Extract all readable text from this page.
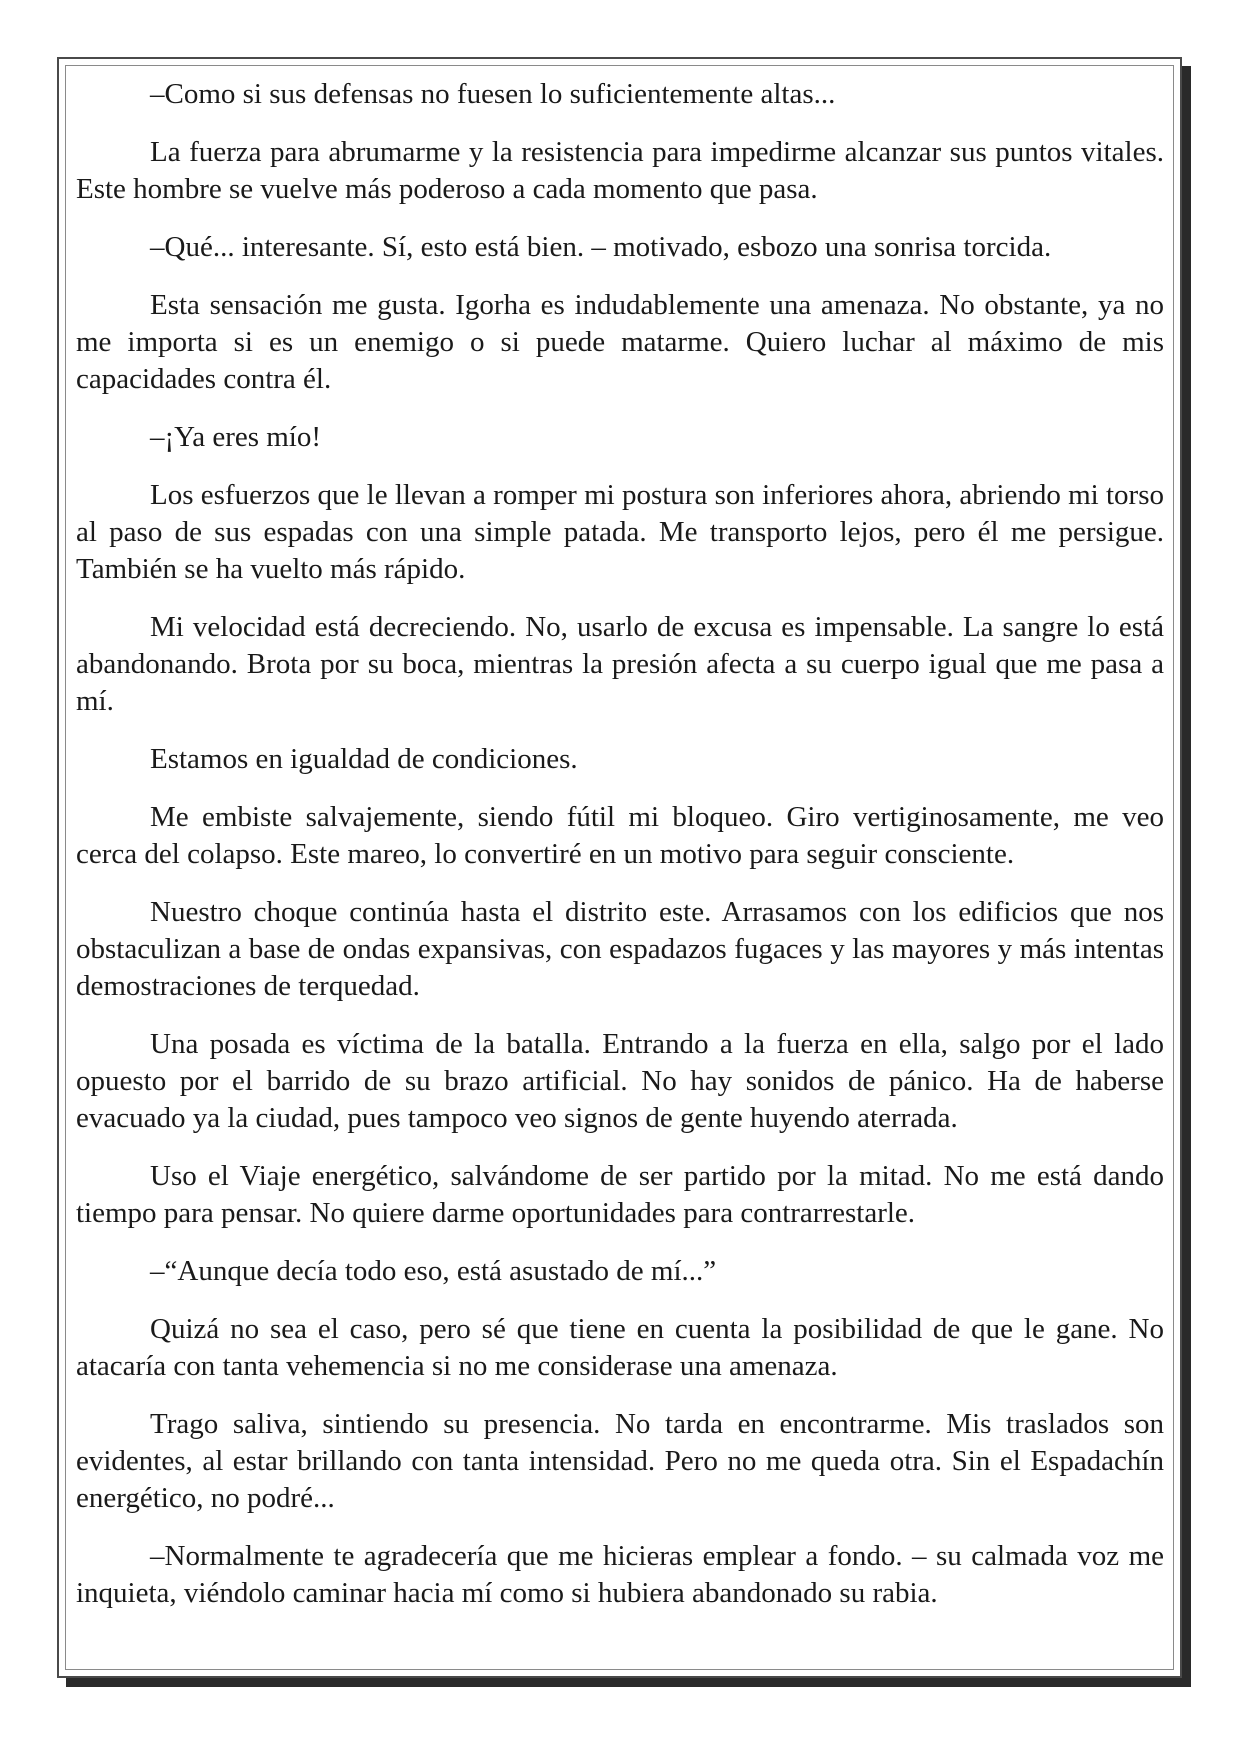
–Como si sus defensas no fuesen lo suficientemente altas...

La fuerza para abrumarme y la resistencia para impedirme alcanzar sus puntos vitales. Este hombre se vuelve más poderoso a cada momento que pasa.

–Qué... interesante. Sí, esto está bien. – motivado, esbozo una sonrisa torcida.

Esta sensación me gusta. Igorha es indudablemente una amenaza. No obstante, ya no me importa si es un enemigo o si puede matarme. Quiero luchar al máximo de mis capacidades contra él.

–¡Ya eres mío!

Los esfuerzos que le llevan a romper mi postura son inferiores ahora, abriendo mi torso al paso de sus espadas con una simple patada. Me transporto lejos, pero él me persigue. También se ha vuelto más rápido.

Mi velocidad está decreciendo. No, usarlo de excusa es impensable. La sangre lo está abandonando. Brota por su boca, mientras la presión afecta a su cuerpo igual que me pasa a mí.

Estamos en igualdad de condiciones.

Me embiste salvajemente, siendo fútil mi bloqueo. Giro vertiginosamente, me veo cerca del colapso. Este mareo, lo convertiré en un motivo para seguir consciente.

Nuestro choque continúa hasta el distrito este. Arrasamos con los edificios que nos obstaculizan a base de ondas expansivas, con espadazos fugaces y las mayores y más intentas demostraciones de terquedad.

Una posada es víctima de la batalla. Entrando a la fuerza en ella, salgo por el lado opuesto por el barrido de su brazo artificial. No hay sonidos de pánico. Ha de haberse evacuado ya la ciudad, pues tampoco veo signos de gente huyendo aterrada.

Uso el Viaje energético, salvándome de ser partido por la mitad. No me está dando tiempo para pensar. No quiere darme oportunidades para contrarrestarle.

–“Aunque decía todo eso, está asustado de mí...”

Quizá no sea el caso, pero sé que tiene en cuenta la posibilidad de que le gane. No atacaría con tanta vehemencia si no me considerase una amenaza.

Trago saliva, sintiendo su presencia. No tarda en encontrarme. Mis traslados son evidentes, al estar brillando con tanta intensidad. Pero no me queda otra. Sin el Espadachín energético, no podré...

–Normalmente te agradecería que me hicieras emplear a fondo. – su calmada voz me inquieta, viéndolo caminar hacia mí como si hubiera abandonado su rabia.
